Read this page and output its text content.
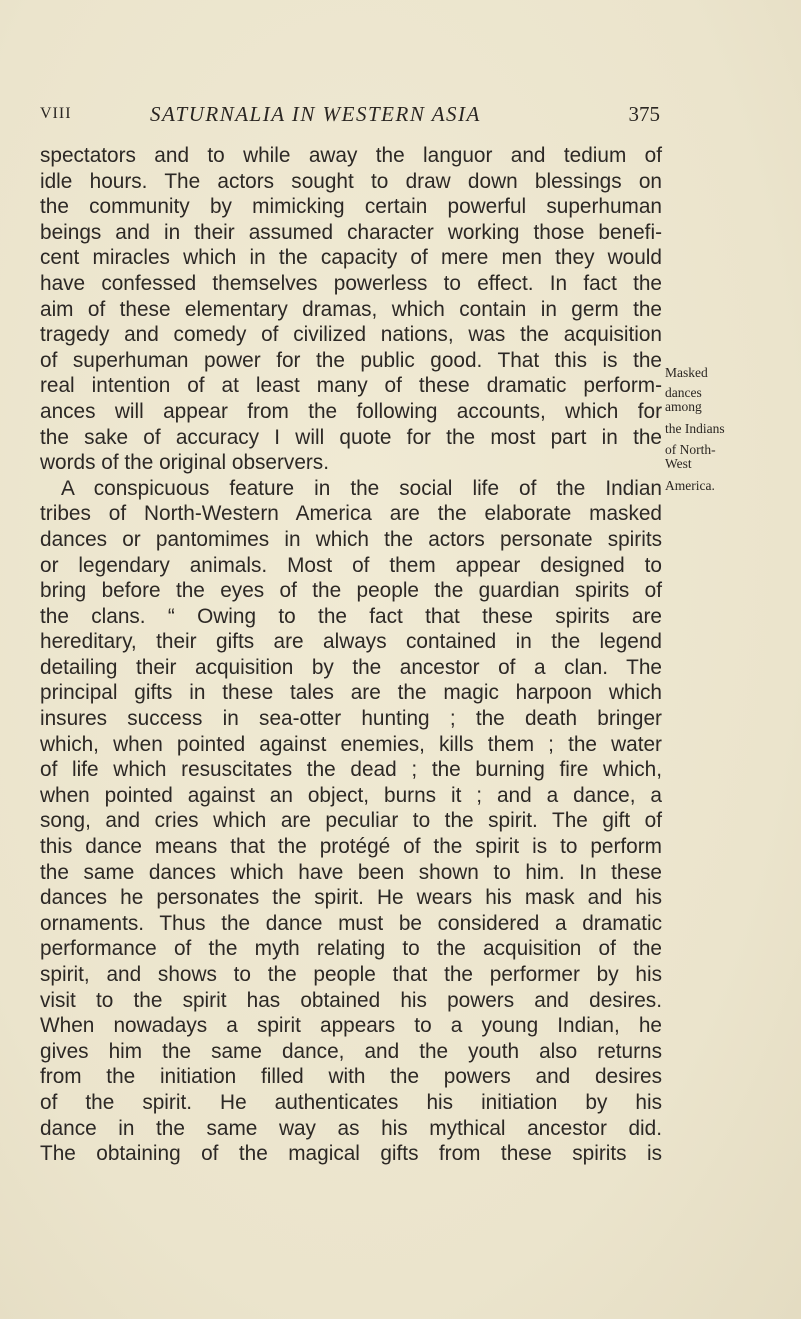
VIII	SATURNALIA IN WESTERN ASIA	375
spectators and to while away the languor and tedium of
idle hours. The actors sought to draw down blessings on
the community by mimicking certain powerful superhuman
beings and in their assumed character working those benefi-
cent miracles which in the capacity of mere men they would
have confessed themselves powerless to effect. In fact the
aim of these elementary dramas, which contain in germ the
tragedy and comedy of civilized nations, was the acquisition
of superhuman power for the public good. That this is the
real intention of at least many of these dramatic perform-
ances will appear from the following accounts, which for
the sake of accuracy I will quote for the most part in the
words of the original observers.
A conspicuous feature in the social life of the Indian
tribes of North-Western America are the elaborate masked
dances or pantomimes in which the actors personate spirits
or legendary animals. Most of them appear designed to
bring before the eyes of the people the guardian spirits of
the clans. “ Owing to the fact that these spirits are
hereditary, their gifts are always contained in the legend
detailing their acquisition by the ancestor of a clan. The
principal gifts in these tales are the magic harpoon which
insures success in sea-otter hunting ; the death bringer
which, when pointed against enemies, kills them ; the water
of life which resuscitates the dead ; the burning fire which,
when pointed against an object, burns it ; and a dance, a
song, and cries which are peculiar to the spirit. The gift of
this dance means that the protégé of the spirit is to perform
the same dances which have been shown to him. In these
dances he personates the spirit. He wears his mask and his
ornaments. Thus the dance must be considered a dramatic
performance of the myth relating to the acquisition of the
spirit, and shows to the people that the performer by his
visit to the spirit has obtained his powers and desires.
When nowadays a spirit appears to a young Indian, he
gives him the same dance, and the youth also returns
from the initiation filled with the powers and desires
of the spirit. He authenticates his initiation by his
dance in the same way as his mythical ancestor did.
The obtaining of the magical gifts from these spirits is
Masked
dances
among
the Indians
of North-
West
America.
